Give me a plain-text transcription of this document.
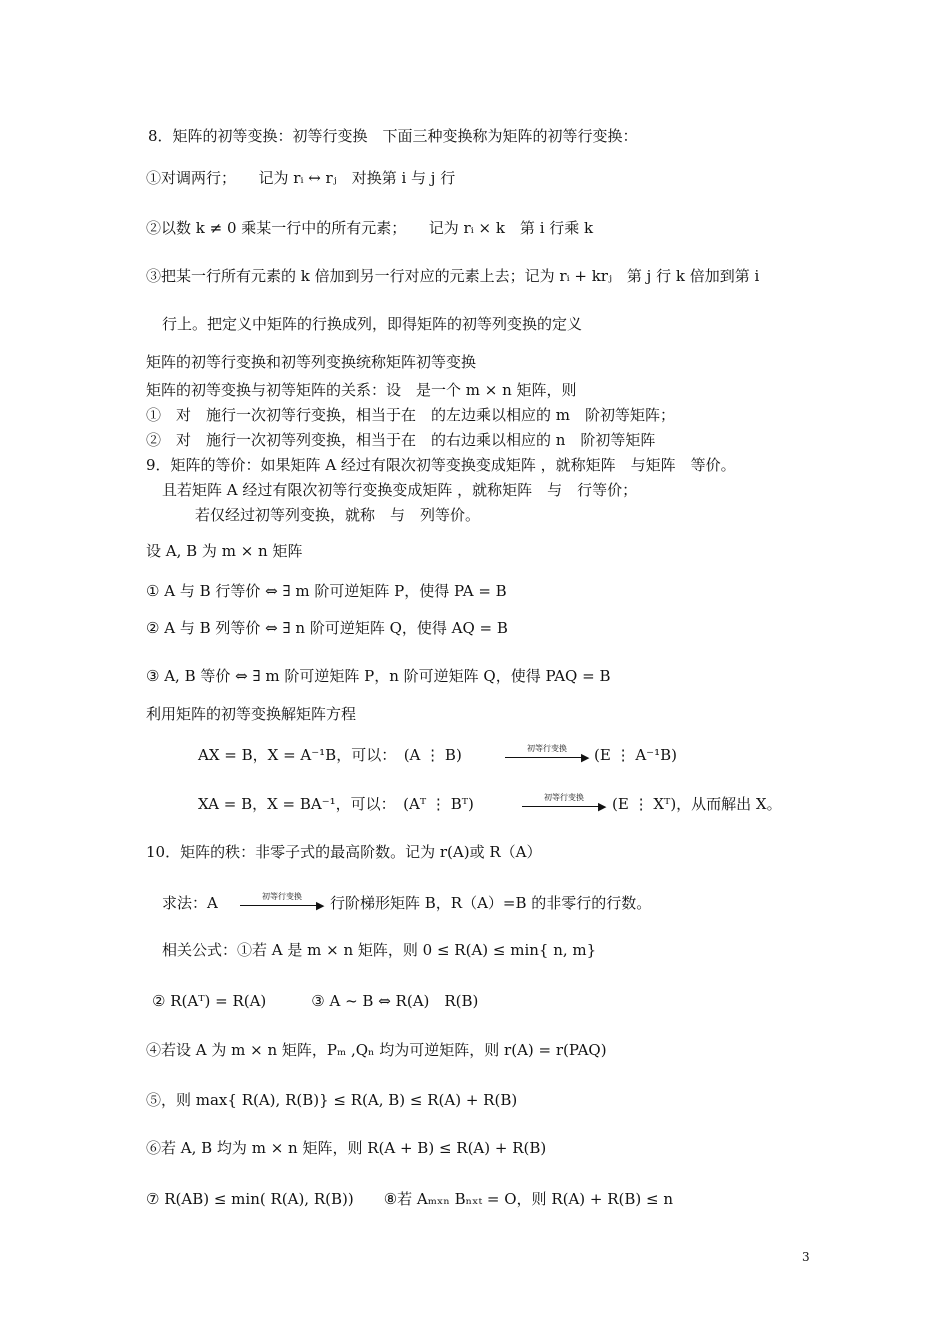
8．矩阵的初等变换：初等行变换　下面三种变换称为矩阵的初等行变换：
①对调两行；　　记为 rᵢ ↔ rⱼ　对换第 i 与 j 行
②以数 k ≠ 0 乘某一行中的所有元素；　　记为 rᵢ × k　第 i 行乘 k
③把某一行所有元素的 k 倍加到另一行对应的元素上去；记为 rᵢ + krⱼ　第 j 行 k 倍加到第 i
行上。把定义中矩阵的行换成列，即得矩阵的初等列变换的定义
矩阵的初等行变换和初等列变换统称矩阵初等变换
矩阵的初等变换与初等矩阵的关系：设　是一个 m × n 矩阵，则
①　对　施行一次初等行变换，相当于在　的左边乘以相应的 m　阶初等矩阵；
②　对　施行一次初等列变换，相当于在　的右边乘以相应的 n　阶初等矩阵
9．矩阵的等价：如果矩阵 A 经过有限次初等变换变成矩阵 ，就称矩阵　与矩阵　等价。
且若矩阵 A 经过有限次初等行变换变成矩阵 ，就称矩阵　与　行等价；
若仅经过初等列变换，就称　与　列等价。
设 A, B 为 m × n 矩阵
① A 与 B 行等价 ⇔ ∃ m 阶可逆矩阵 P，使得 PA = B
② A 与 B 列等价 ⇔ ∃ n 阶可逆矩阵 Q，使得 AQ = B
③ A, B 等价 ⇔ ∃ m 阶可逆矩阵 P，n 阶可逆矩阵 Q，使得 PAQ = B
利用矩阵的初等变换解矩阵方程
AX = B，X = A⁻¹B，可以：　(A ⋮ B)	初等行变换
▶ (E ⋮ A⁻¹B)
XA = B，X = BA⁻¹，可以：　(Aᵀ ⋮ Bᵀ)	初等行变换
▶ (E ⋮ Xᵀ)，从而解出 X。
10．矩阵的秩：非零子式的最高阶数。记为 r(A)或 R（A）
求法：A	初等行变换
▶ 行阶梯形矩阵 B，R（A）=B 的非零行的行数。
相关公式：①若 A 是 m × n 矩阵，则 0 ≤ R(A) ≤ min{ n, m}
② R(Aᵀ) = R(A)　　　③ A ~ B ⇔ R(A)　R(B)
④若设 A 为 m × n 矩阵，Pₘ ,Qₙ 均为可逆矩阵，则 r(A) = r(PAQ)
⑤，则 max{ R(A), R(B)} ≤ R(A, B) ≤ R(A) + R(B)
⑥若 A, B 均为 m × n 矩阵，则 R(A + B) ≤ R(A) + R(B)
⑦ R(AB) ≤ min( R(A), R(B))　　⑧若 Aₘₓₙ Bₙₓₜ = O，则 R(A) + R(B) ≤ n
3
